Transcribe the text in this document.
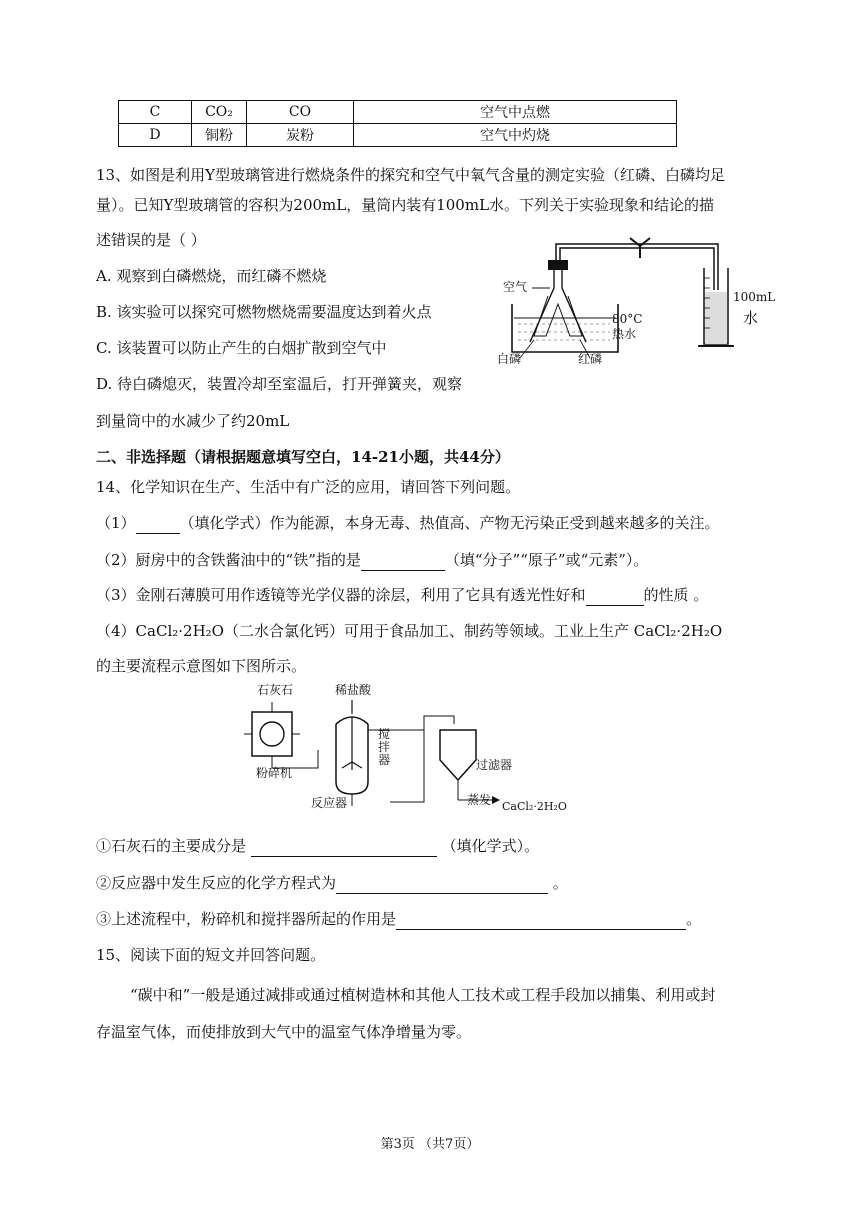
C	CO₂	CO	空气中点燃
D	铜粉	炭粉	空气中灼烧
13、如图是利用Y型玻璃管进行燃烧条件的探究和空气中氧气含量的测定实验（红磷、白磷均足
量）。已知Y型玻璃管的容积为200mL，量筒内装有100mL水。下列关于实验现象和结论的描
述错误的是（ ）
A. 观察到白磷燃烧，而红磷不燃烧
B. 该实验可以探究可燃物燃烧需要温度达到着火点
C. 该装置可以防止产生的白烟扩散到空气中
D. 待白磷熄灭，装置冷却至室温后，打开弹簧夹，观察
到量筒中的水减少了约20mL
空气
80°C
热水
白磷	红磷
100mL
水
二、非选择题（请根据题意填写空白，14-21小题，共44分）
14、化学知识在生产、生活中有广泛的应用，请回答下列问题。
（1）	（填化学式）作为能源，本身无毒、热值高、产物无污染正受到越来越多的关注。
（2）厨房中的含铁酱油中的“铁”指的是	（填“分子”“原子”或“元素”）。
（3）金刚石薄膜可用作透镜等光学仪器的涂层，利用了它具有透光性好和	的性质 。
（4）CaCl₂·2H₂O（二水合氯化钙）可用于食品加工、制药等领域。工业上生产 CaCl₂·2H₂O
的主要流程示意图如下图所示。
石灰石	稀盐酸
粉碎机
搅拌器	过滤器
反应器	蒸发 CaCl₂·2H₂O
①石灰石的主要成分是	（填化学式）。
②反应器中发生反应的化学方程式为	。
③上述流程中，粉碎机和搅拌器所起的作用是	。
15、阅读下面的短文并回答问题。
“碳中和”一般是通过减排或通过植树造林和其他人工技术或工程手段加以捕集、利用或封
存温室气体，而使排放到大气中的温室气体净增量为零。
第3页 （共7页）
